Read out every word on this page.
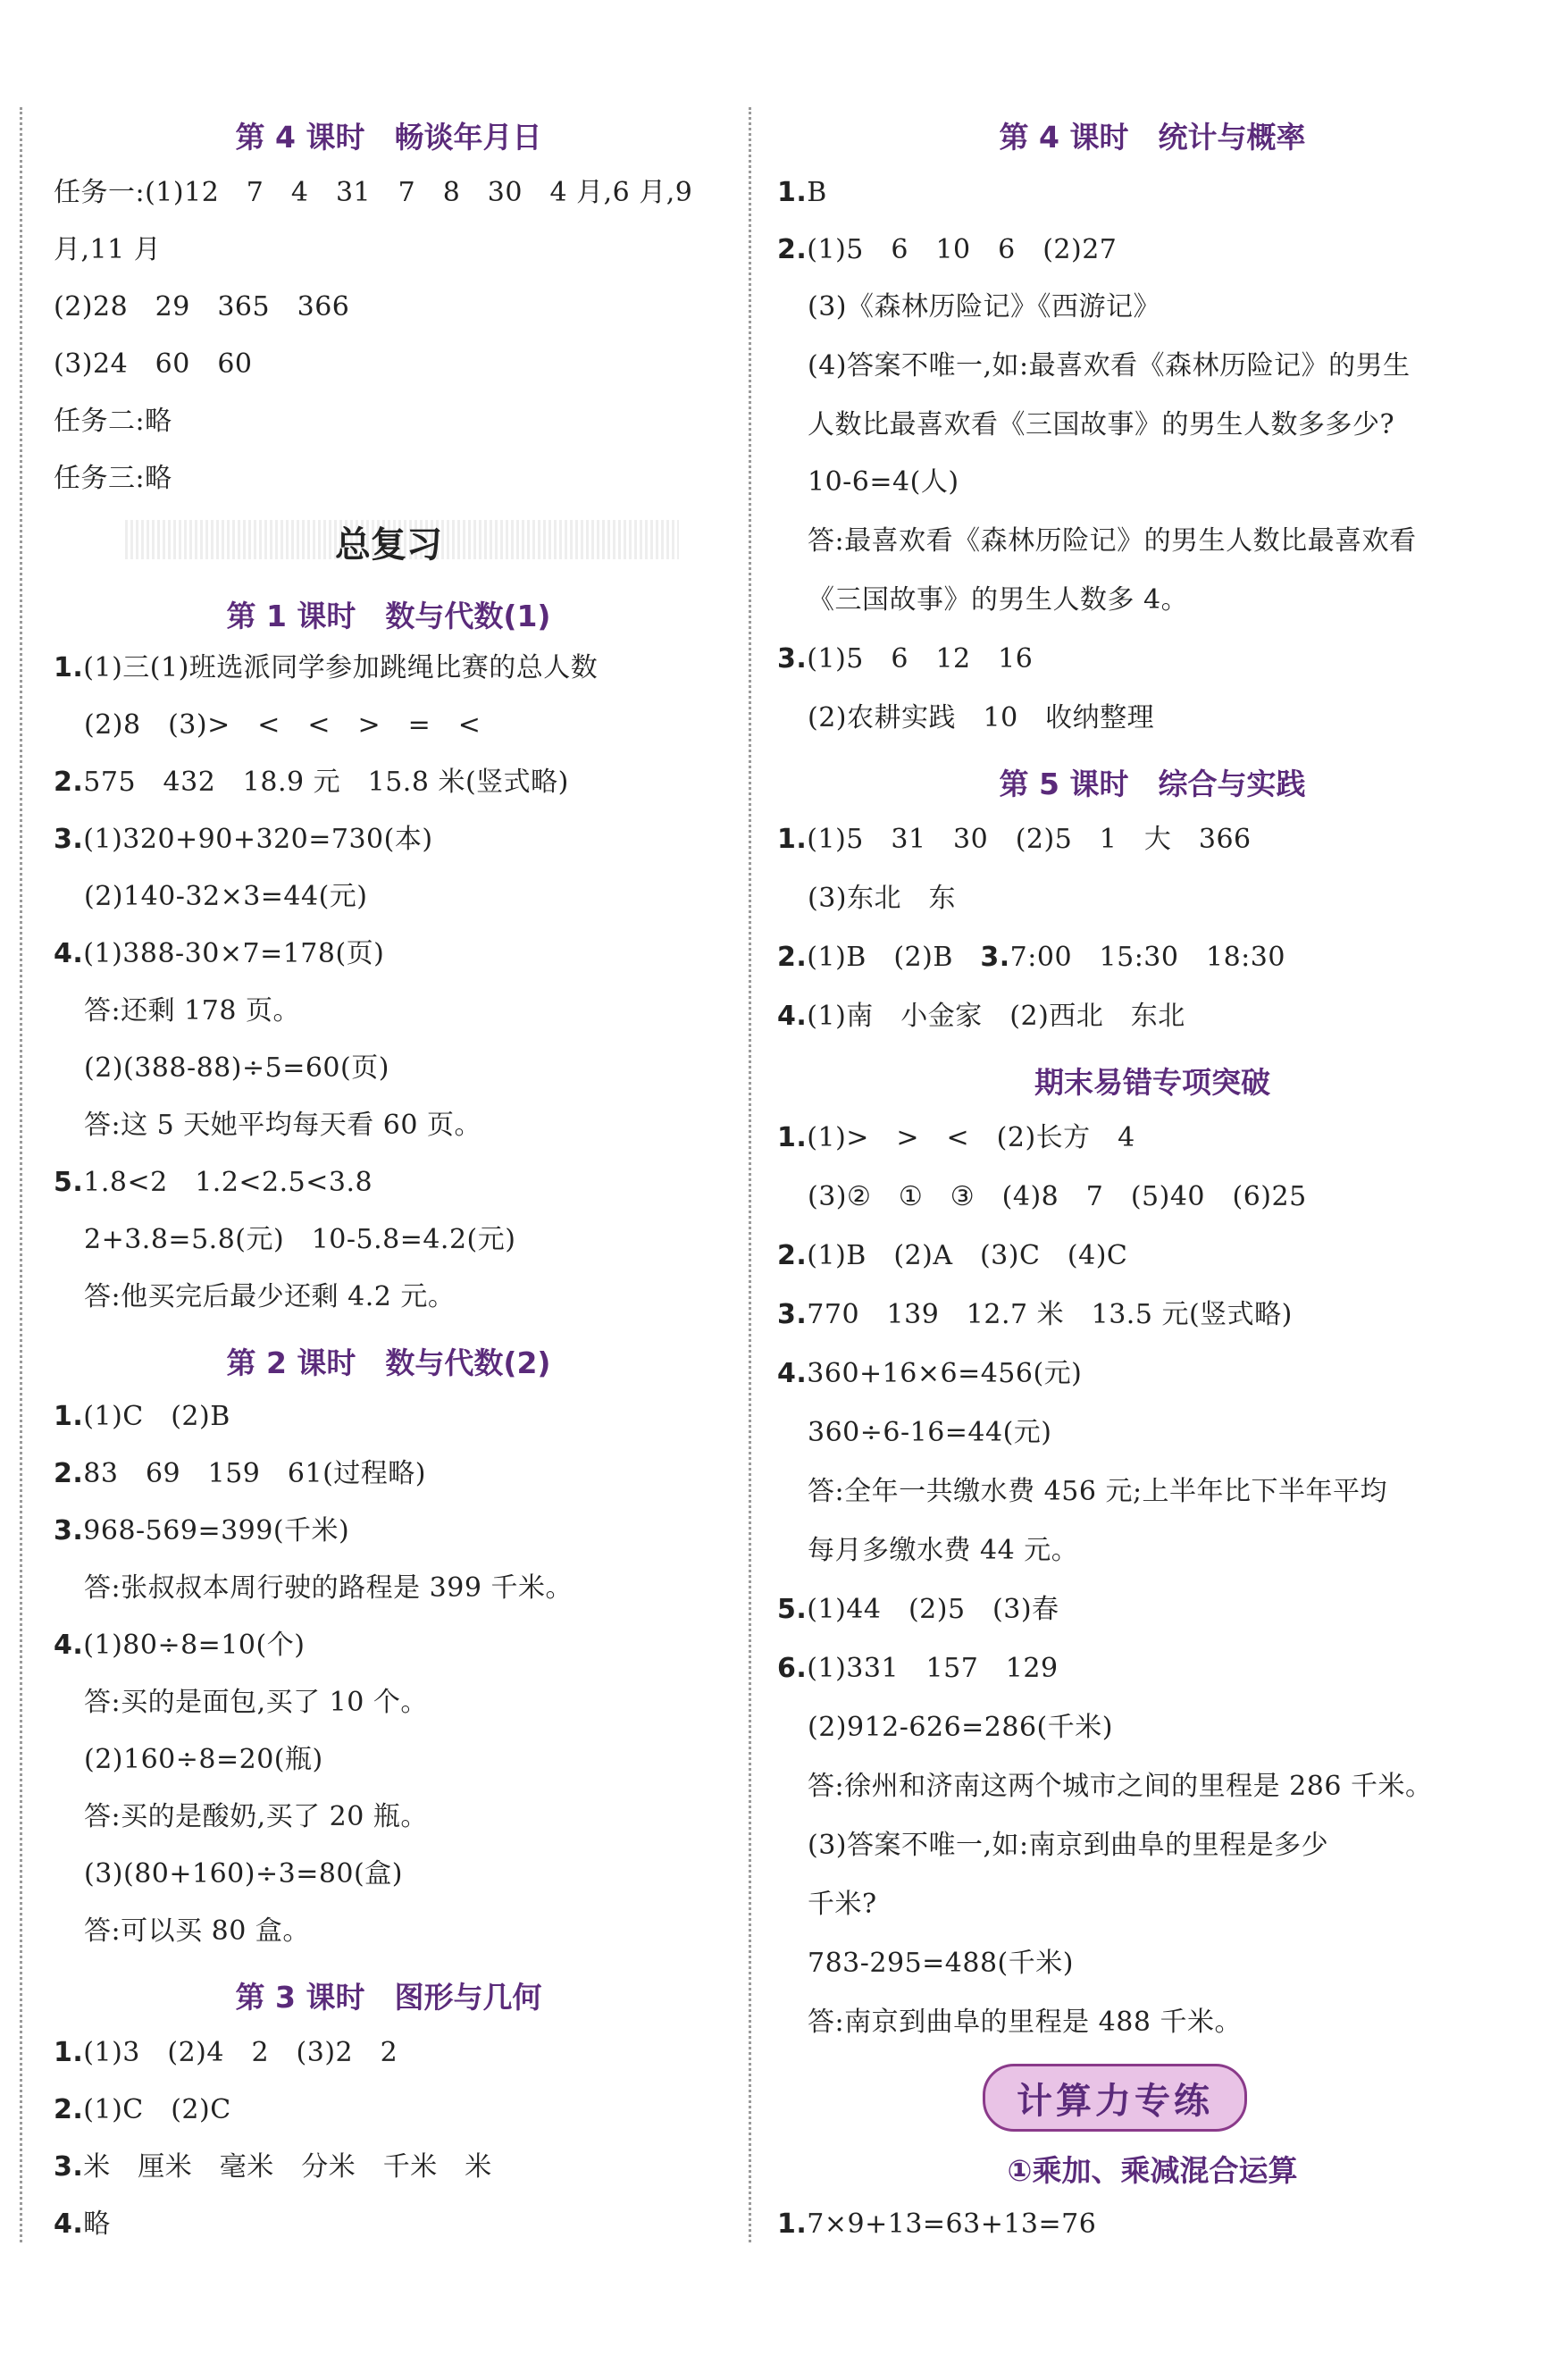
第 4 课时　畅谈年月日
任务一:(1)12　7　4　31　7　8　30　4 月,6 月,9
月,11 月
(2)28　29　365　366
(3)24　60　60
任务二:略
任务三:略
总复习
第 1 课时　数与代数(1)
1.(1)三(1)班选派同学参加跳绳比赛的总人数
(2)8　(3)>　<　<　>　=　<
2.575　432　18.9 元　15.8 米(竖式略)
3.(1)320+90+320=730(本)
(2)140-32×3=44(元)
4.(1)388-30×7=178(页)
答:还剩 178 页。
(2)(388-88)÷5=60(页)
答:这 5 天她平均每天看 60 页。
5.1.8<2　1.2<2.5<3.8
2+3.8=5.8(元)　10-5.8=4.2(元)
答:他买完后最少还剩 4.2 元。
第 2 课时　数与代数(2)
1.(1)C　(2)B
2.83　69　159　61(过程略)
3.968-569=399(千米)
答:张叔叔本周行驶的路程是 399 千米。
4.(1)80÷8=10(个)
答:买的是面包,买了 10 个。
(2)160÷8=20(瓶)
答:买的是酸奶,买了 20 瓶。
(3)(80+160)÷3=80(盒)
答:可以买 80 盒。
第 3 课时　图形与几何
1.(1)3　(2)4　2　(3)2　2
2.(1)C　(2)C
3.米　厘米　毫米　分米　千米　米
4.略
第 4 课时　统计与概率
1.B
2.(1)5　6　10　6　(2)27
(3)《森林历险记》《西游记》
(4)答案不唯一,如:最喜欢看《森林历险记》的男生
人数比最喜欢看《三国故事》的男生人数多多少?
10-6=4(人)
答:最喜欢看《森林历险记》的男生人数比最喜欢看
《三国故事》的男生人数多 4。
3.(1)5　6　12　16
(2)农耕实践　10　收纳整理
第 5 课时　综合与实践
1.(1)5　31　30　(2)5　1　大　366
(3)东北　东
2.(1)B　(2)B　 3.7:00　15:30　18:30
4.(1)南　小金家　(2)西北　东北
期末易错专项突破
1.(1)>　>　<　(2)长方　4
(3)②　①　③　(4)8　7　(5)40　(6)25
2.(1)B　(2)A　(3)C　(4)C
3.770　139　12.7 米　13.5 元(竖式略)
4.360+16×6=456(元)
360÷6-16=44(元)
答:全年一共缴水费 456 元;上半年比下半年平均
每月多缴水费 44 元。
5.(1)44　(2)5　(3)春
6.(1)331　157　129
(2)912-626=286(千米)
答:徐州和济南这两个城市之间的里程是 286 千米。
(3)答案不唯一,如:南京到曲阜的里程是多少
千米?
783-295=488(千米)
答:南京到曲阜的里程是 488 千米。
计算力专练
①乘加、乘减混合运算
1.7×9+13=63+13=76
